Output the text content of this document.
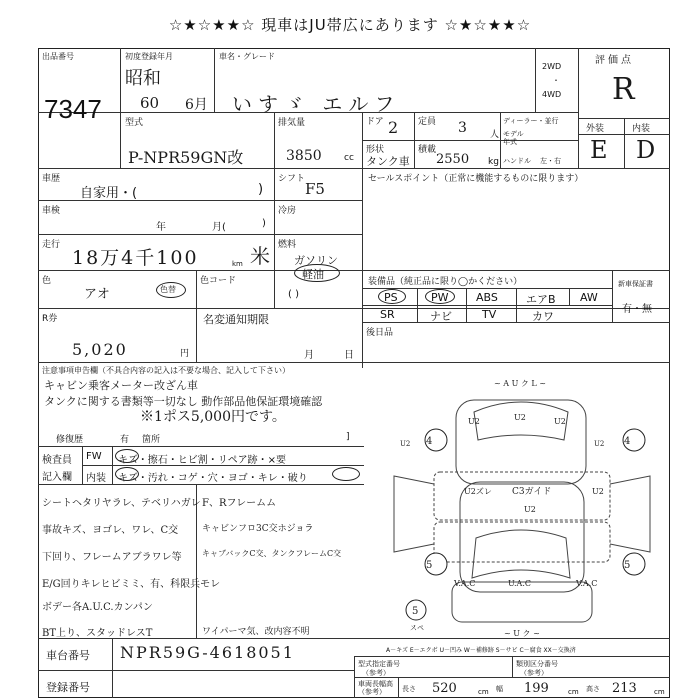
☆★☆★★☆ 現車はJU帯広にあります ☆★☆★★☆
出品番号
7347
初度登録年月
昭和
60 6月
車名・グレード
いすゞ エルフ
2WD
・
4WD
評価点
R
外装	内装
E D
型式
P-NPR59GN改
排気量
3850 cc
ドア 2 定員 3	人
ディーラー・並行
モデル年式
形状
タンク車
積載
2550 kg ハンドル 左・右
車歴
自家用・(	)
シフト
F5
セールスポイント（正常に機能するものに限ります）
車検
年	月(	)
冷房
走行
18万4千100	km 米 燃料
ガソリン
軽油
( )
色
アオ	色替
色コード	装備品（純正品に限り◯かください）
PS	PW ABS	エアB AW
SR	ナビ	TV	カワ
新車保証書
有・無
R券
5,020	円
名変通知期限
月	日
後日品
注意事項申告欄（不具合内容の記入は不要な場合、記入して下さい）
キャビン乗客メーター改ざん車
タンクに関する書類等一切なし 動作部品他保証環境確認
※1ポス5,000円です。
修復歴	有 箇所	]
検査員
記入欄
FW キズ・擦石・ヒビ割・リペア跡・×要
内装 キズ・汚れ・コゲ・穴・ヨゴ・キレ・破り
シートヘタリヤラレ、テベリハガレ
事故キズ、ヨゴレ、ワレ、C交
下回り、フレームアブラワレ等
E/G回りキレヒビミミ、有、科限兵モレ
ボデー各A.U.C.カンパン
BT上り、スタッドレスT
F、Rフレームム
キャビンフロ3C交ホジョラ
キャブバックC交、タンクフレームC交
ワイパーマ気、改内容不明
車台番号 NPR59G-4618051
登録番号
型式指定番号
（参考）
類別区分番号
（参考）
車両長幅高（参考）	長さ 520	cm 幅 199	cm 高さ 213 cm
A－キズ E－エクボ U－凹み W－補修跡 S－サビ C－腐食 XX－交換済
4	4
5	5
5
スペ
~ A U ク L ~
~ U ク ~
U2	U2	U2
U2ズレ C3ガイド
U2
U2
V.A.C	U.A.C	V.A.C
U2	U2
